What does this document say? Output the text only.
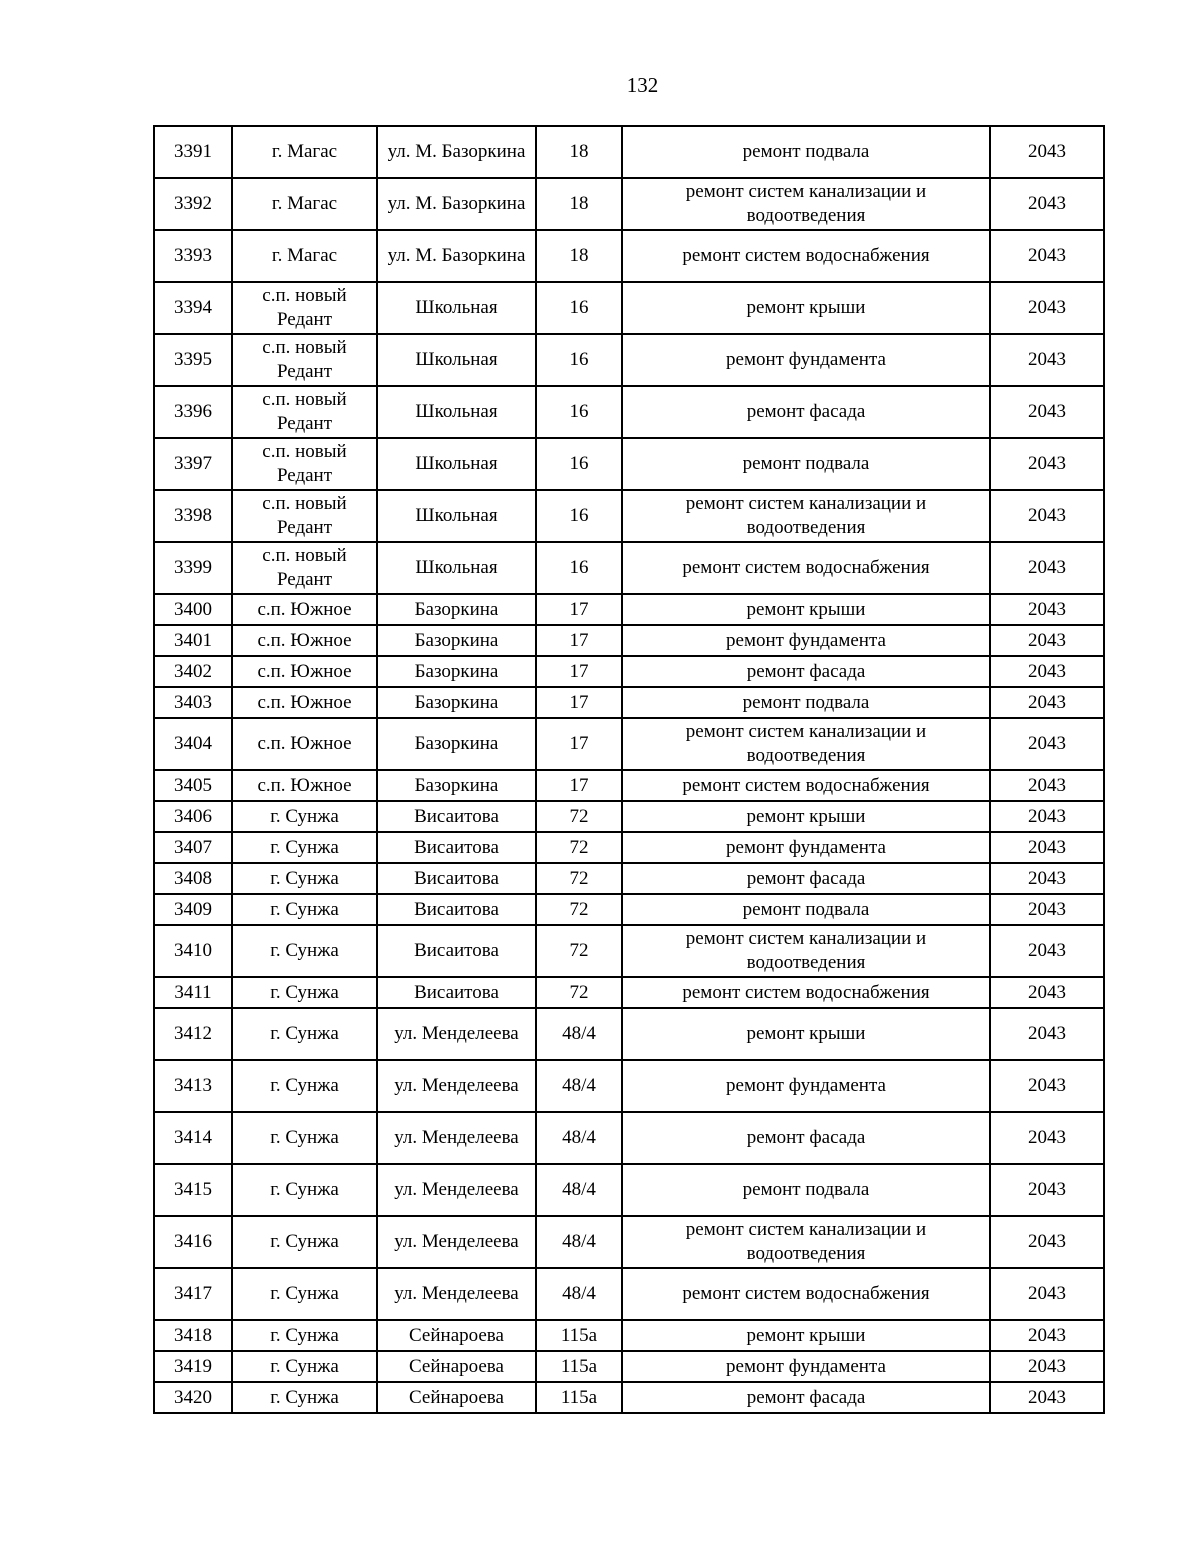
132
3391	г. Магас	ул. М. Базоркина	18	ремонт подвала	2043
3392	г. Магас	ул. М. Базоркина	18	ремонт систем канализации и водоотведения	2043
3393	г. Магас	ул. М. Базоркина	18	ремонт систем водоснабжения	2043
3394	с.п. новый Редант	Школьная	16	ремонт крыши	2043
3395	с.п. новый Редант	Школьная	16	ремонт фундамента	2043
3396	с.п. новый Редант	Школьная	16	ремонт фасада	2043
3397	с.п. новый Редант	Школьная	16	ремонт подвала	2043
3398	с.п. новый Редант	Школьная	16	ремонт систем канализации и водоотведения	2043
3399	с.п. новый Редант	Школьная	16	ремонт систем водоснабжения	2043
3400	с.п. Южное	Базоркина	17	ремонт крыши	2043
3401	с.п. Южное	Базоркина	17	ремонт фундамента	2043
3402	с.п. Южное	Базоркина	17	ремонт фасада	2043
3403	с.п. Южное	Базоркина	17	ремонт подвала	2043
3404	с.п. Южное	Базоркина	17	ремонт систем канализации и водоотведения	2043
3405	с.п. Южное	Базоркина	17	ремонт систем водоснабжения	2043
3406	г. Сунжа	Висаитова	72	ремонт крыши	2043
3407	г. Сунжа	Висаитова	72	ремонт фундамента	2043
3408	г. Сунжа	Висаитова	72	ремонт фасада	2043
3409	г. Сунжа	Висаитова	72	ремонт подвала	2043
3410	г. Сунжа	Висаитова	72	ремонт систем канализации и водоотведения	2043
3411	г. Сунжа	Висаитова	72	ремонт систем водоснабжения	2043
3412	г. Сунжа	ул. Менделеева	48/4	ремонт крыши	2043
3413	г. Сунжа	ул. Менделеева	48/4	ремонт фундамента	2043
3414	г. Сунжа	ул. Менделеева	48/4	ремонт фасада	2043
3415	г. Сунжа	ул. Менделеева	48/4	ремонт подвала	2043
3416	г. Сунжа	ул. Менделеева	48/4	ремонт систем канализации и водоотведения	2043
3417	г. Сунжа	ул. Менделеева	48/4	ремонт систем водоснабжения	2043
3418	г. Сунжа	Сейнароева	115а	ремонт крыши	2043
3419	г. Сунжа	Сейнароева	115а	ремонт фундамента	2043
3420	г. Сунжа	Сейнароева	115а	ремонт фасада	2043
